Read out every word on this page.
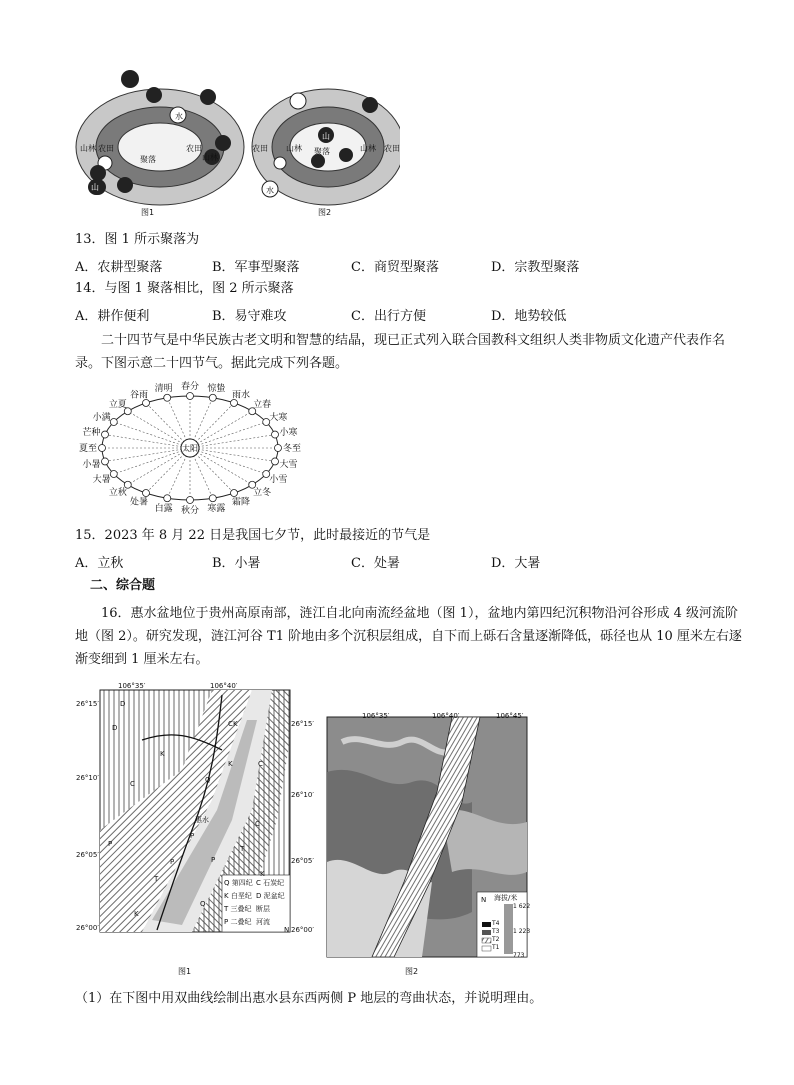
聚落
农田	农田
山林
山林
水
山
图1
聚落
山林	山林
农田	农田
水
山
图2
13．图 1 所示聚落为
A．农耕型聚落	B．军事型聚落	C．商贸型聚落	D．宗教型聚落
14．与图 1 聚落相比，图 2 所示聚落
A．耕作便利	B．易守难攻	C．出行方便	D．地势较低
二十四节气是中华民族古老文明和智慧的结晶，现已正式列入联合国教科文组织人类非物质文化遗产代表作名录。下图示意二十四节气。据此完成下列各题。
立春
雨水
惊蛰
春分
清明
谷雨
立夏
小满
芒种
夏至
小暑
大暑
立秋
处暑
白露 秋分 寒露
霜降
立冬
小雪
大雪
冬至
小寒
大寒
太阳
15．2023 年 8 月 22 日是我国七夕节，此时最接近的节气是
A．立秋	B．小暑	C．处暑	D．大暑
二、综合题
16．惠水盆地位于贵州高原南部，涟江自北向南流经盆地（图 1），盆地内第四纪沉积物沿河谷形成 4 级河流阶地（图 2）。研究发现，涟江河谷 T1 阶地由多个沉积层组成，自下而上砾石含量逐渐降低，砾径也从 10 厘米左右逐渐变细到 1 厘米左右。
106°35′	106°40′
26°15′
26°10′
26°05′
26°00′
惠水
D	C
C
P
K
Q
K
P	P
T
K
Q
C
C
K
D
T
P
K
Q 第四纪 C 石炭纪
K 白垩纪 D 泥盆纪
T 三叠纪 断层
P 二叠纪 河流
N
图1
106°35′	106°40′	106°45′
26°15′
26°10′
26°05′
26°00′
N 海拔/米
1 622
1 223
773
T4
T3
T2
T1
图2
（1）在下图中用双曲线绘制出惠水县东西两侧 P 地层的弯曲状态，并说明理由。
